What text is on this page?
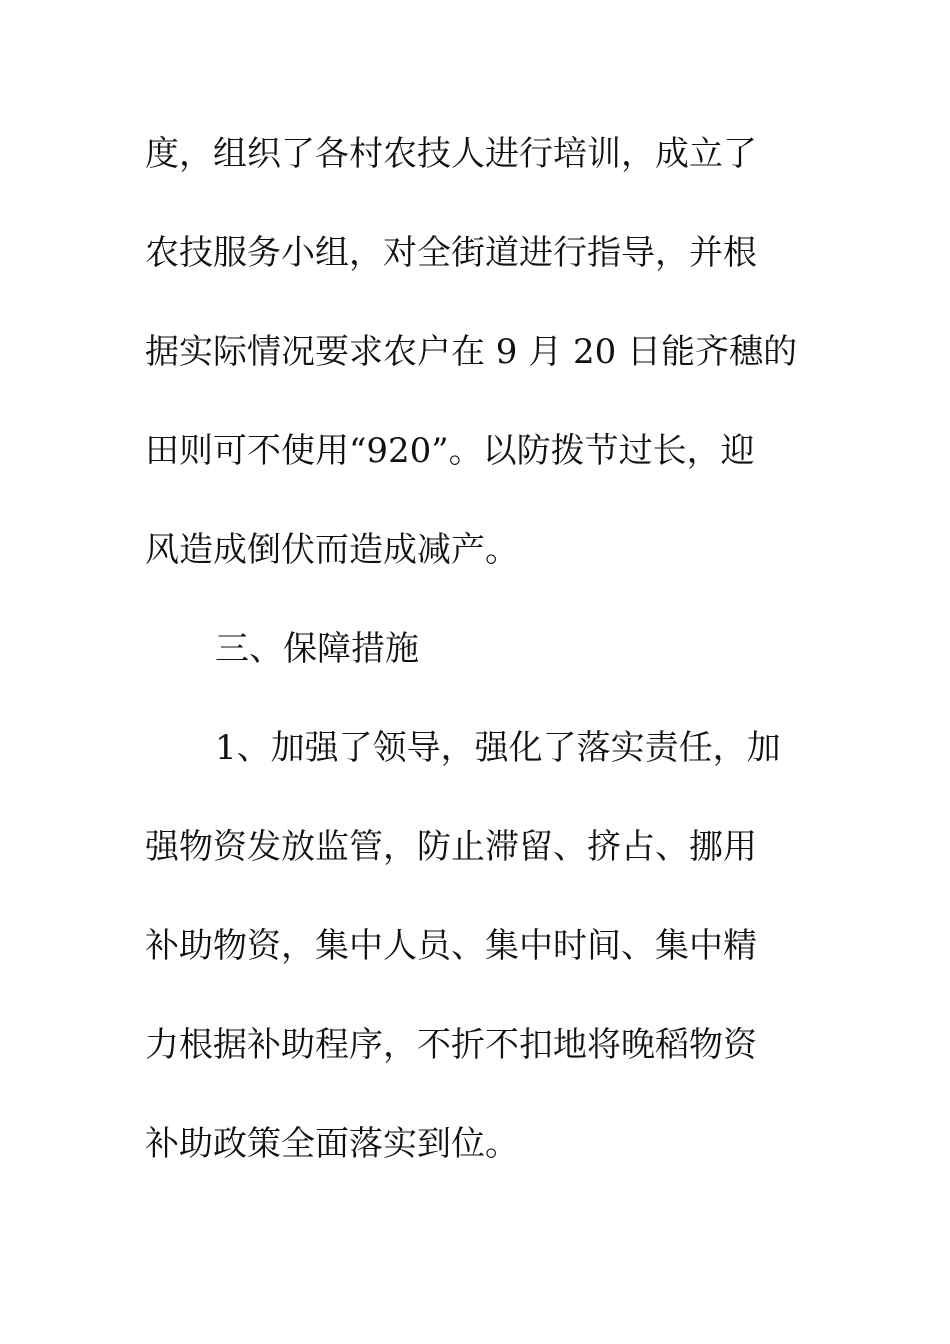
度，组织了各村农技人进行培训，成立了

农技服务小组，对全街道进行指导，并根

据实际情况要求农户在 9 月 20 日能齐穗的

田则可不使用“920”。以防拨节过长，迎

风造成倒伏而造成减产。

三、保障措施

1、加强了领导，强化了落实责任，加

强物资发放监管，防止滞留、挤占、挪用

补助物资，集中人员、集中时间、集中精

力根据补助程序，不折不扣地将晚稻物资

补助政策全面落实到位。
